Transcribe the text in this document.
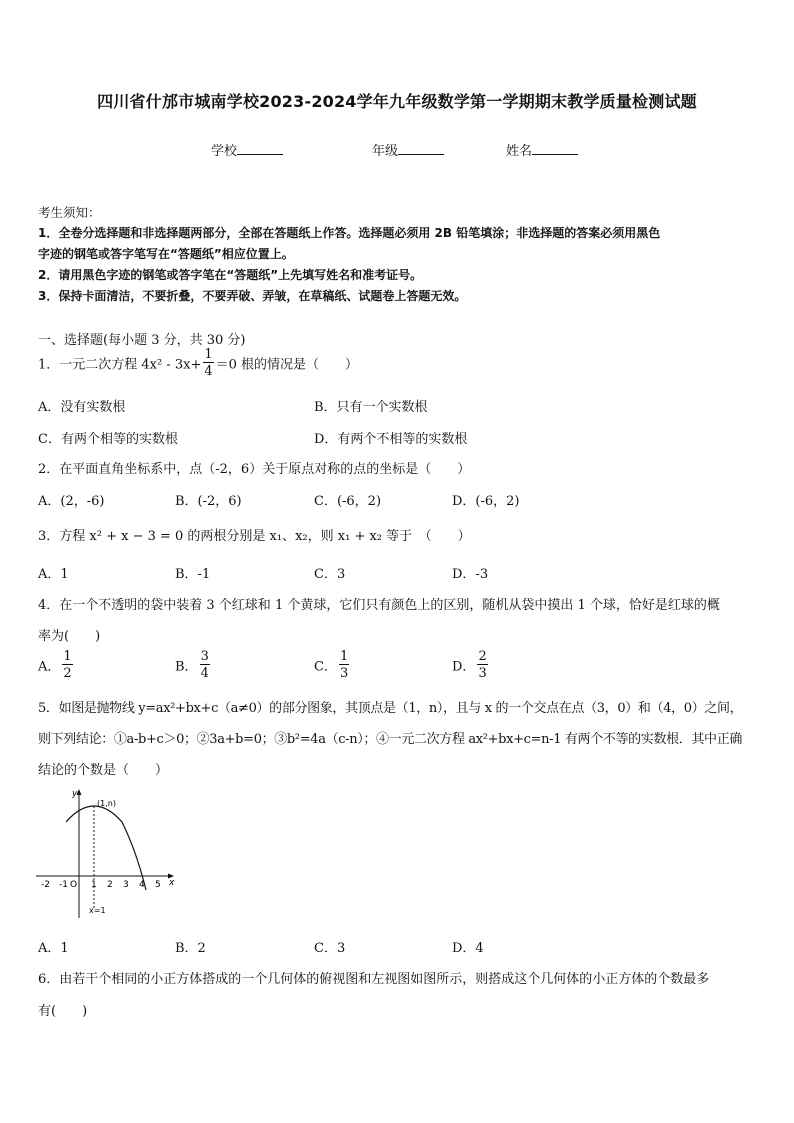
四川省什邡市城南学校2023-2024学年九年级数学第一学期期末教学质量检测试题
学校	年级	姓名
考生须知：
1．全卷分选择题和非选择题两部分，全部在答题纸上作答。选择题必须用 2B 铅笔填涂；非选择题的答案必须用黑色
字迹的钢笔或答字笔写在“答题纸”相应位置上。
2．请用黑色字迹的钢笔或答字笔在“答题纸”上先填写姓名和准考证号。
3．保持卡面清洁，不要折叠，不要弄破、弄皱，在草稿纸、试题卷上答题无效。
一、选择题(每小题 3 分，共 30 分)
1．一元二次方程 $4x^2 - 3x+ \frac{1}{4} =0$ 根的情况是（　　）
A．没有实数根	B．只有一个实数根
C．有两个相等的实数根	D．有两个不相等的实数根
2．在平面直角坐标系中，点（-2，6）关于原点对称的点的坐标是（　　）
A．(2，-6)	B．(-2，6)	C．(-6，2)	D．(-6，2)
3．方程 x² + x − 3 = 0 的两根分别是 x₁、x₂，则 x₁ + x₂ 等于　（　　）
A．1	B．-1	C．3	D．-3
4．在一个不透明的袋中装着 3 个红球和 1 个黄球，它们只有颜色上的区别，随机从袋中摸出 1 个球，恰好是红球的概
率为(　　)
A． $\frac{1}{2}$	B． $\frac{3}{4}$	C． $\frac{1}{3}$	D． $\frac{2}{3}$
5．如图是抛物线 y=ax²+bx+c（a≠0）的部分图象，其顶点是（1，n），且与 x 的一个交点在点（3，0）和（4，0）之间，
则下列结论：①a-b+c＞0；②3a+b=0；③b²=4a（c-n）；④一元二次方程 ax²+bx+c=n-1 有两个不等的实数根．其中正确
结论的个数是（　　）
y
x
(1,n)
x=1
-2 -1 O 1 2 3 4 5
A．1	B．2	C．3	D．4
6．由若干个相同的小正方体搭成的一个几何体的俯视图和左视图如图所示，则搭成这个几何体的小正方体的个数最多
有(　　)
